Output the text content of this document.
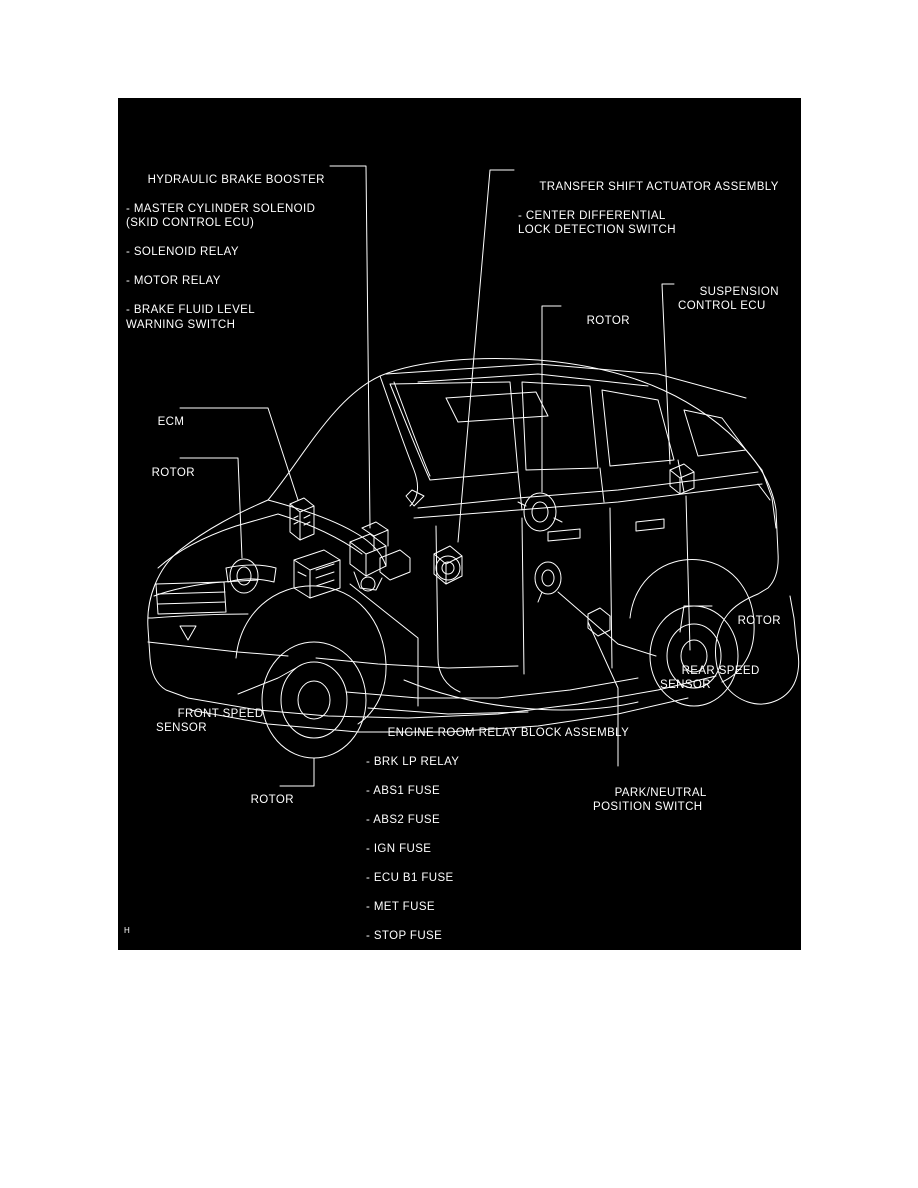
HYDRAULIC BRAKE BOOSTER

- MASTER CYLINDER SOLENOID
(SKID CONTROL ECU)

- SOLENOID RELAY

- MOTOR RELAY

- BRAKE FLUID LEVEL
WARNING SWITCH

ECM

ROTOR

FRONT SPEED
SENSOR

ROTOR

ENGINE ROOM RELAY BLOCK ASSEMBLY

- BRK LP RELAY

- ABS1 FUSE

- ABS2 FUSE

- IGN FUSE

- ECU B1 FUSE

- MET FUSE

- STOP FUSE

TRANSFER SHIFT ACTUATOR ASSEMBLY

- CENTER DIFFERENTIAL
LOCK DETECTION SWITCH

SUSPENSION
CONTROL ECU

ROTOR

ROTOR

REAR SPEED
SENSOR

PARK/NEUTRAL
POSITION SWITCH

H
